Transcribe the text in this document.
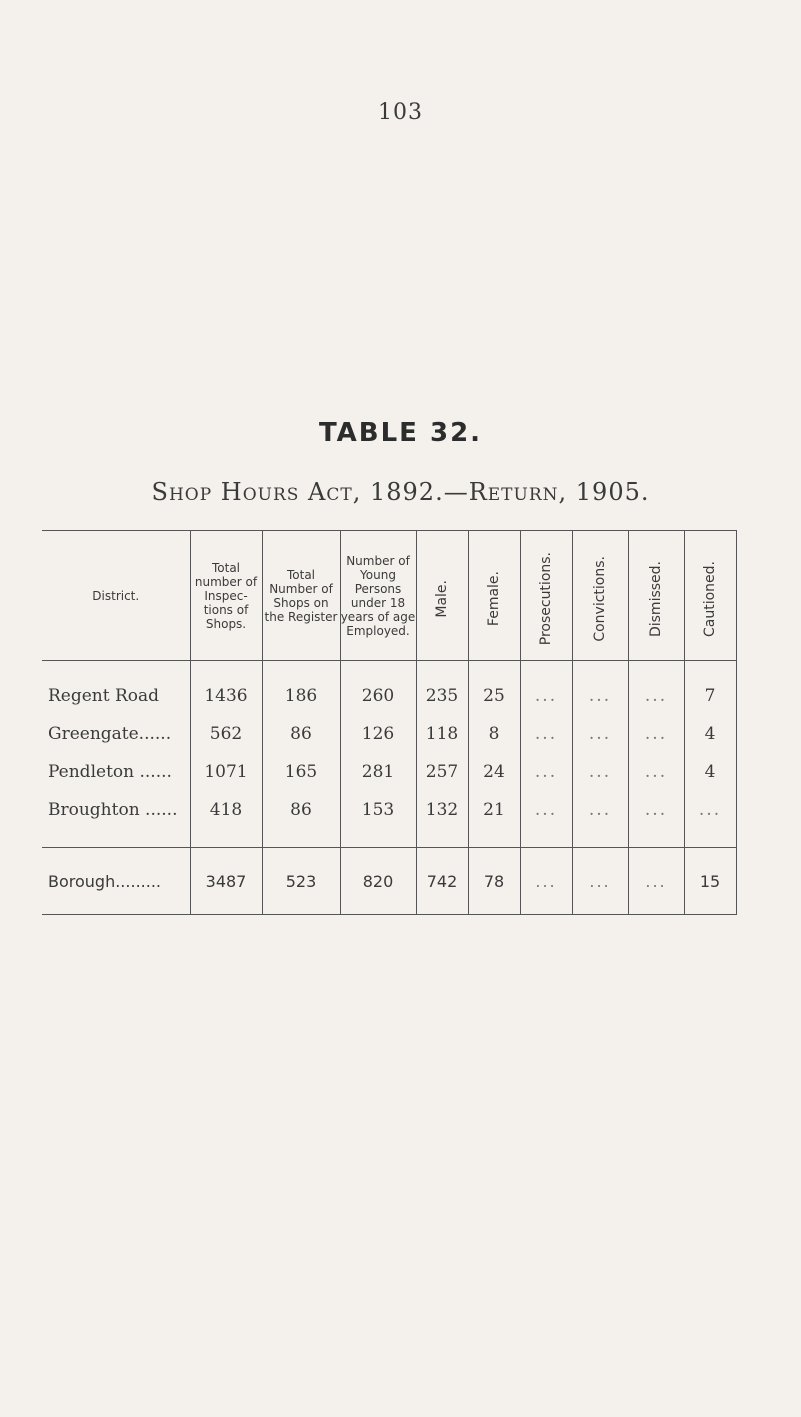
103
TABLE 32.
Shop Hours Act, 1892.—Return, 1905.
District.	Total number of Inspec-tions of Shops.	Total Number of Shops on the Register	Number of Young Persons under 18 years of age Employed.	Male.	Female.	Prosecutions.	Convictions.	Dismissed.	Cautioned.
Regent Road	1436	186	260	235	25	...	...	...	7
Greengate......	562	86	126	118	8	...	...	...	4
Pendleton ......	1071	165	281	257	24	...	...	...	4
Broughton ......	418	86	153	132	21	...	...	...	...
Borough.........	3487	523	820	742	78	...	...	...	15
